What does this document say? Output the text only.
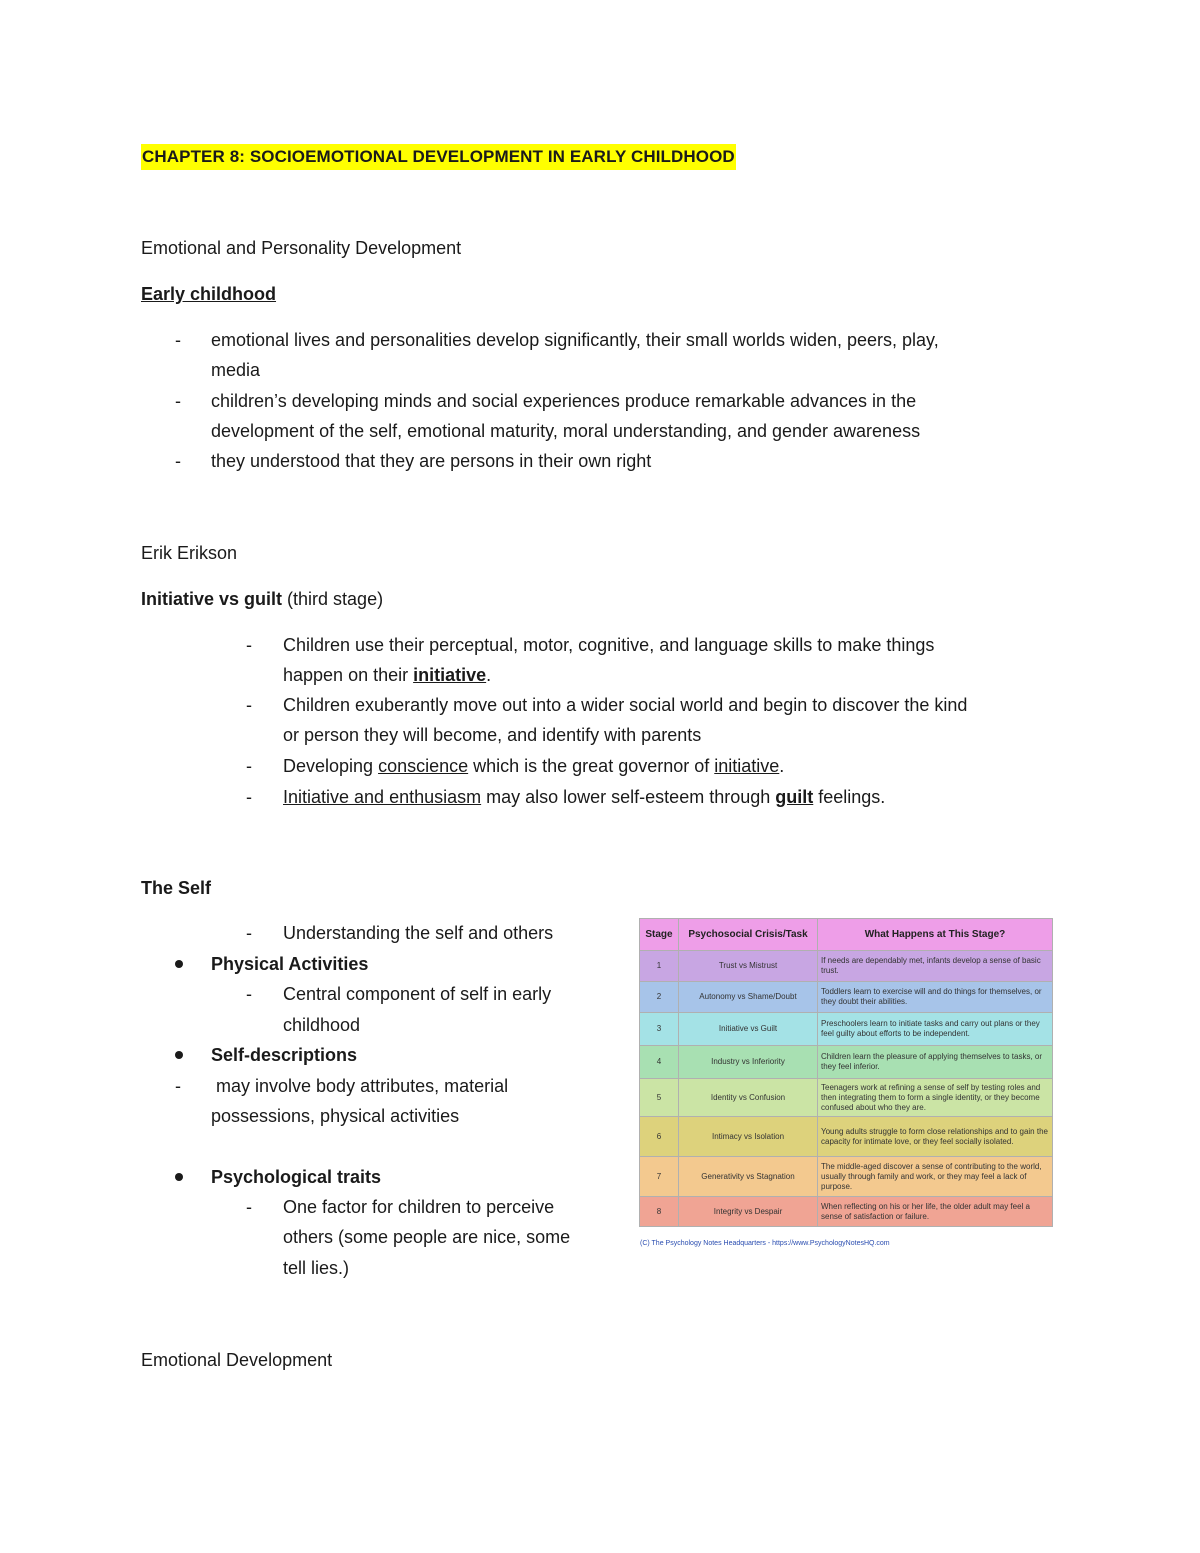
CHAPTER 8: SOCIOEMOTIONAL DEVELOPMENT IN EARLY CHILDHOOD
Emotional and Personality Development
Early childhood
- emotional lives and personalities develop significantly, their small worlds widen, peers, play,
media
- children’s developing minds and social experiences produce remarkable advances in the
development of the self, emotional maturity, moral understanding, and gender awareness
- they understood that they are persons in their own right
Erik Erikson
Initiative vs guilt (third stage)
- Children use their perceptual, motor, cognitive, and language skills to make things
happen on their initiative.
- Children exuberantly move out into a wider social world and begin to discover the kind
or person they will become, and identify with parents
- Developing conscience which is the great governor of initiative.
- Initiative and enthusiasm may also lower self-esteem through guilt feelings.
The Self
- Understanding the self and others
Physical Activities
- Central component of self in early
childhood
Self-descriptions
- may involve body attributes, material
possessions, physical activities
Psychological traits
- One factor for children to perceive
others (some people are nice, some
tell lies.)
Emotional Development
Stage	Psychosocial Crisis/Task	What Happens at This Stage?
1	Trust vs Mistrust	If needs are dependably met, infants develop a sense of basic trust.
2	Autonomy vs Shame/Doubt	Toddlers learn to exercise will and do things for themselves, or they doubt their abilities.
3	Initiative vs Guilt	Preschoolers learn to initiate tasks and carry out plans or they feel guilty about efforts to be independent.
4	Industry vs Inferiority	Children learn the pleasure of applying themselves to tasks, or they feel inferior.
5	Identity vs Confusion	Teenagers work at refining a sense of self by testing roles and then integrating them to form a single identity, or they become confused about who they are.
6	Intimacy vs Isolation	Young adults struggle to form close relationships and to gain the capacity for intimate love, or they feel socially isolated.
7	Generativity vs Stagnation	The middle-aged discover a sense of contributing to the world, usually through family and work, or they may feel a lack of purpose.
8	Integrity vs Despair	When reflecting on his or her life, the older adult may feel a sense of satisfaction or failure.
(C) The Psychology Notes Headquarters - https://www.PsychologyNotesHQ.com
